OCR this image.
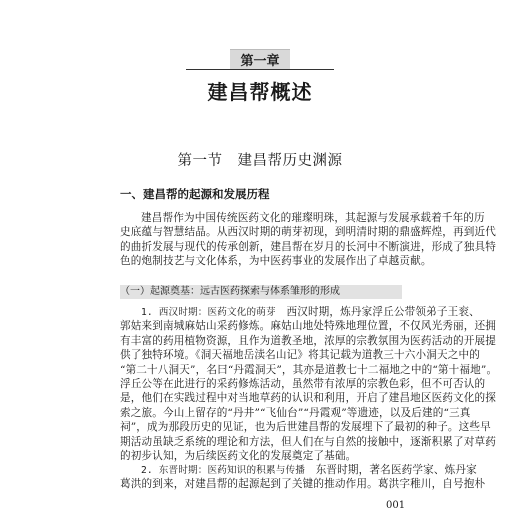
第一章
建昌帮概述
第一节　建昌帮历史渊源
一、建昌帮的起源和发展历程
建昌帮作为中国传统医药文化的璀璨明珠，其起源与发展承载着千年的历
史底蕴与智慧结晶。从西汉时期的萌芽初现，到明清时期的鼎盛辉煌，再到近代
的曲折发展与现代的传承创新，建昌帮在岁月的长河中不断演进，形成了独具特
色的炮制技艺与文化体系，为中医药事业的发展作出了卓越贡献。
（一）起源奠基：远古医药探索与体系雏形的形成
1. 西汉时期：医药文化的萌芽　 西汉时期，炼丹家浮丘公带领弟子王衮、
郭姑来到南城麻姑山采药修炼。麻姑山地处特殊地理位置，不仅风光秀丽，还拥
有丰富的药用植物资源，且作为道教圣地，浓厚的宗教氛围为医药活动的开展提
供了独特环境。《洞天福地岳渎名山记》将其记载为道教三十六小洞天之中的
“第二十八洞天”，名曰“丹霞洞天”，其亦是道教七十二福地之中的“第十福地”。
浮丘公等在此进行的采药修炼活动，虽然带有浓厚的宗教色彩，但不可否认的
是，他们在实践过程中对当地草药的认识和利用，开启了建昌地区医药文化的探
索之旅。今山上留存的“丹井”“飞仙台”“丹霞观”等遗迹，以及后建的“三真
祠”，成为那段历史的见证，也为后世建昌帮的发展埋下了最初的种子。这些早
期活动虽缺乏系统的理论和方法，但人们在与自然的接触中，逐渐积累了对草药
的初步认知，为后续医药文化的发展奠定了基础。
2. 东晋时期：医药知识的积累与传播　 东晋时期，著名医药学家、炼丹家
葛洪的到来，对建昌帮的起源起到了关键的推动作用。葛洪字稚川，自号抱朴
001
